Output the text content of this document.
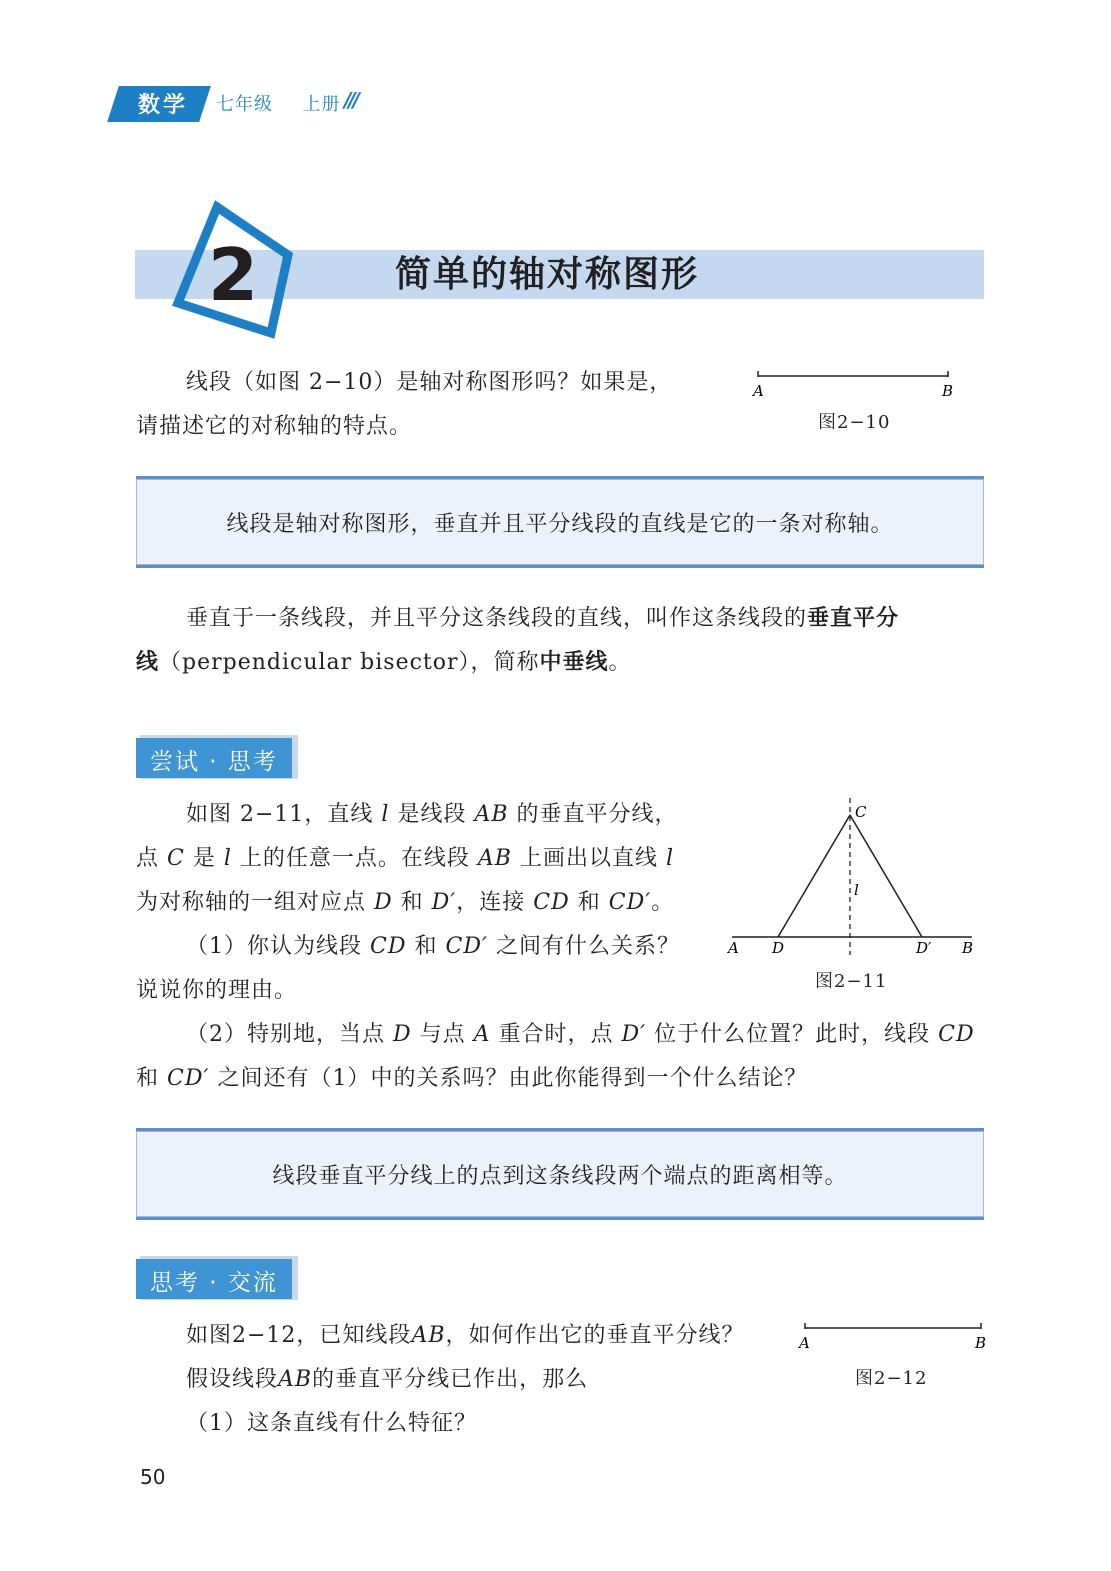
数学	七年级 上册 ///
2	简单的轴对称图形
线段（如图 2−10）是轴对称图形吗？如果是，
请描述它的对称轴的特点。
A	B
图2−10
线段是轴对称图形，垂直并且平分线段的直线是它的一条对称轴。
垂直于一条线段，并且平分这条线段的直线，叫作这条线段的垂直平分
线（perpendicular bisector），简称中垂线。
尝试 · 思考
如图 2−11，直线 l 是线段 AB 的垂直平分线，
点 C 是 l 上的任意一点。在线段 AB 上画出以直线 l
为对称轴的一组对应点 D 和 D′，连接 CD 和 CD′。
（1）你认为线段 CD 和 CD′ 之间有什么关系？
说说你的理由。
（2）特别地，当点 D 与点 A 重合时，点 D′ 位于什么位置？此时，线段 CD
和 CD′ 之间还有（1）中的关系吗？由此你能得到一个什么结论？
A D	D′ B
C
l
图2−11
线段垂直平分线上的点到这条线段两个端点的距离相等。
思考 · 交流
如图2−12，已知线段AB，如何作出它的垂直平分线？
假设线段AB的垂直平分线已作出，那么
（1）这条直线有什么特征？
A	B
图2−12
50
